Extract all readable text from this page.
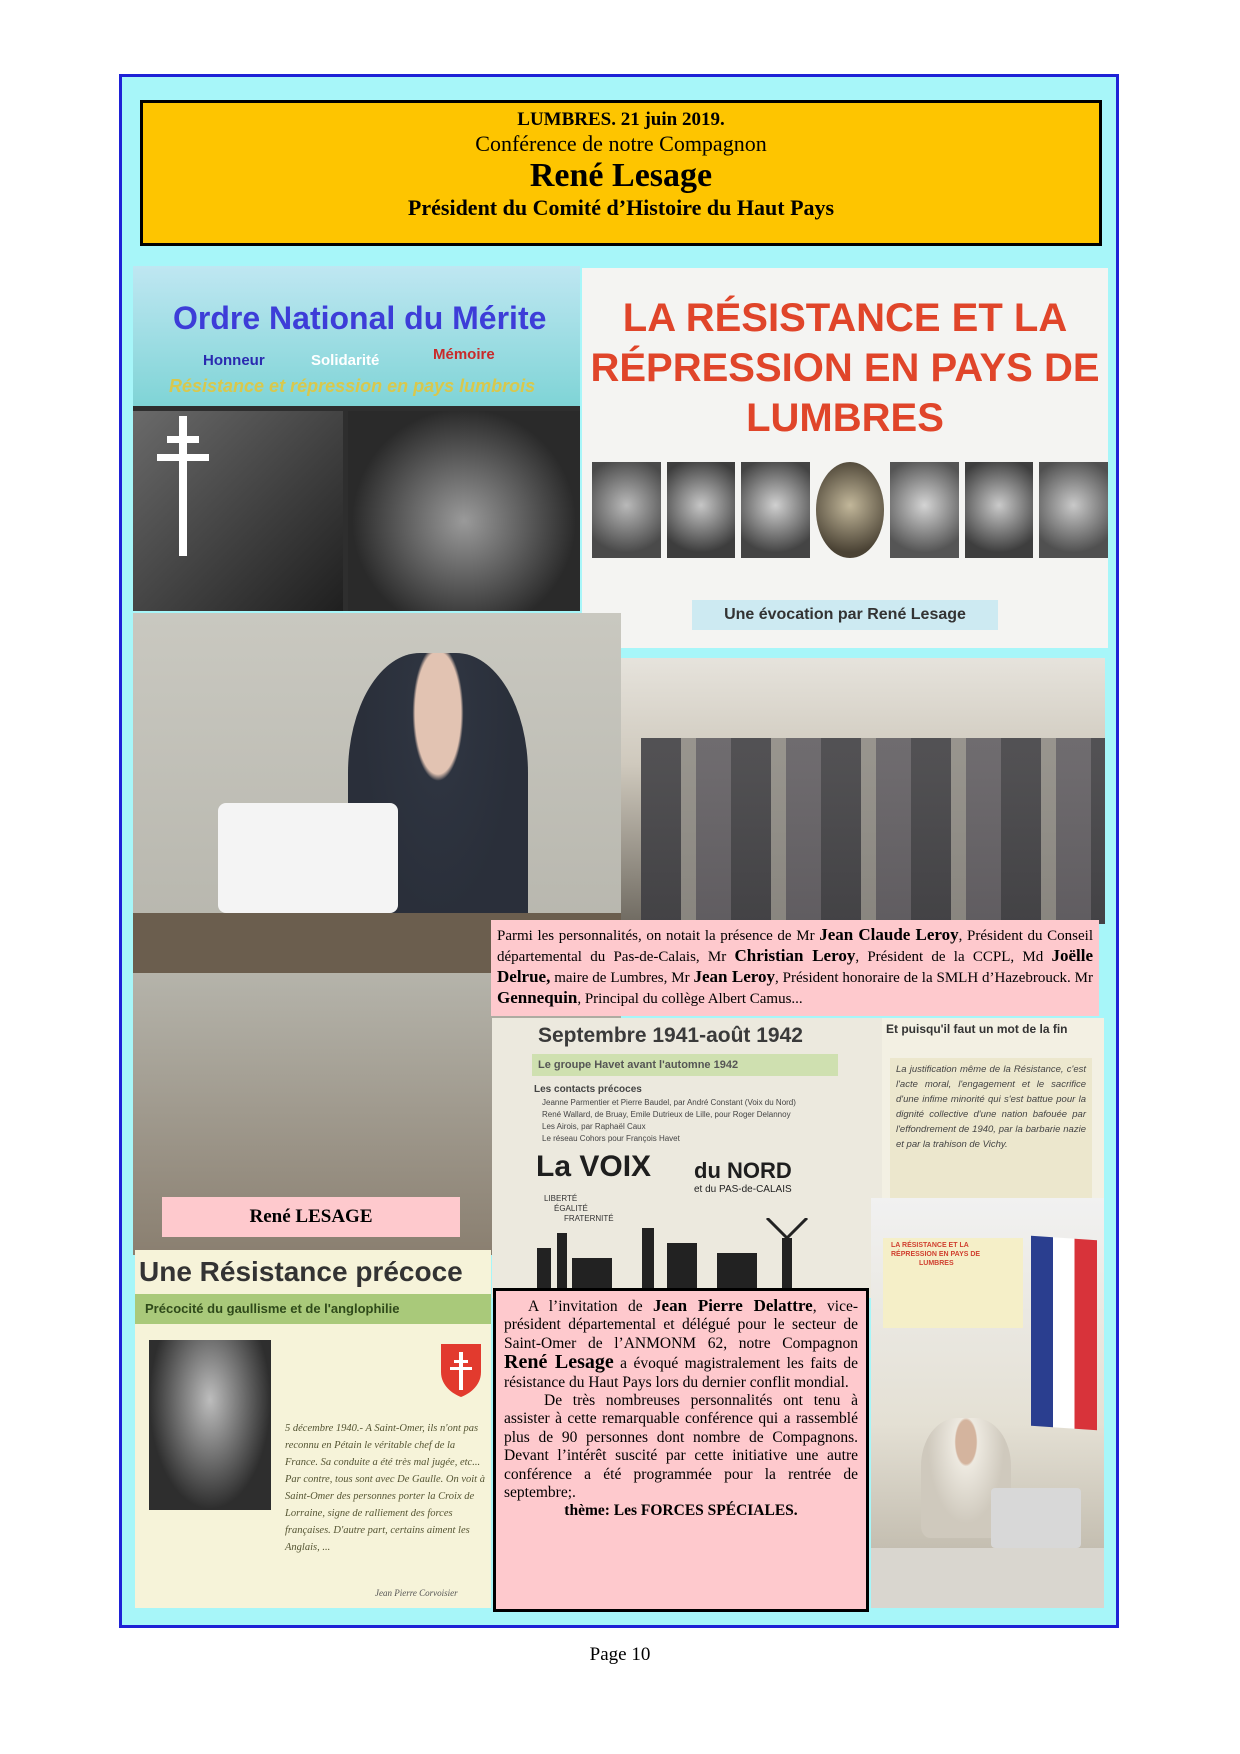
LUMBRES. 21 juin 2019.
Conférence de notre Compagnon
René Lesage
Président du Comité d’Histoire du Haut Pays
Ordre National du Mérite
Honneur	Solidarité	Mémoire
Résistance et répression en pays lumbrois
LA RÉSISTANCE ET LA
RÉPRESSION EN PAYS DE
LUMBRES
Une évocation par René Lesage
Parmi les personnalités, on notait la présence de Mr Jean Claude Leroy, Président du Conseil départemental du Pas-de-Calais, Mr Christian Leroy, Président de la CCPL, Md Joëlle Delrue, maire de Lumbres, Mr Jean Leroy, Président honoraire de la SMLH d’Hazebrouck. Mr Gennequin, Principal du collège Albert Camus...
René LESAGE
Septembre 1941-août 1942
Le groupe Havet avant l'automne 1942
Les contacts précoces
Jeanne Parmentier et Pierre Baudel, par André Constant (Voix du Nord)
René Wallard, de Bruay, Emile Dutrieux de Lille, pour Roger Delannoy
Les Airois, par Raphaël Caux
Le réseau Cohors pour François Havet
La VOIX du NORD
et du PAS-de-CALAIS
LIBERTÉ
ÉGALITÉ
FRATERNITÉ
Et puisqu'il faut un mot de la fin
La justification même de la Résistance, c'est l'acte moral, l'engagement et le sacrifice d'une infime minorité qui s'est battue pour la dignité collective d'une nation bafouée par l'effondrement de 1940, par la barbarie nazie et par la trahison de Vichy.
Une Résistance précoce
Précocité du gaullisme et de l'anglophilie
5 décembre 1940.- A Saint-Omer, ils n'ont pas reconnu en Pétain le véritable chef de la France. Sa conduite a été très mal jugée, etc... Par contre, tous sont avec De Gaulle. On voit à Saint-Omer des personnes porter la Croix de Lorraine, signe de ralliement des forces françaises. D'autre part, certains aiment les Anglais, ...
Jean Pierre Corvoisier
LA RÉSISTANCE ET LA
RÉPRESSION EN PAYS DE
LUMBRES
A l’invitation de Jean Pierre Delattre, vice-président départemental et délégué pour le secteur de Saint-Omer de l’ANMONM 62, notre Compagnon René Lesage a évoqué magistralement les faits de résistance du Haut Pays lors du dernier conflit mondial.
De très nombreuses personnalités ont tenu à assister à cette remarquable conférence qui a rassemblé plus de 90 personnes dont nombre de Compagnons. Devant l’intérêt suscité par cette initiative une autre conférence a été programmée pour la rentrée de septembre;.
thème: Les FORCES SPÉCIALES.
Page 10
